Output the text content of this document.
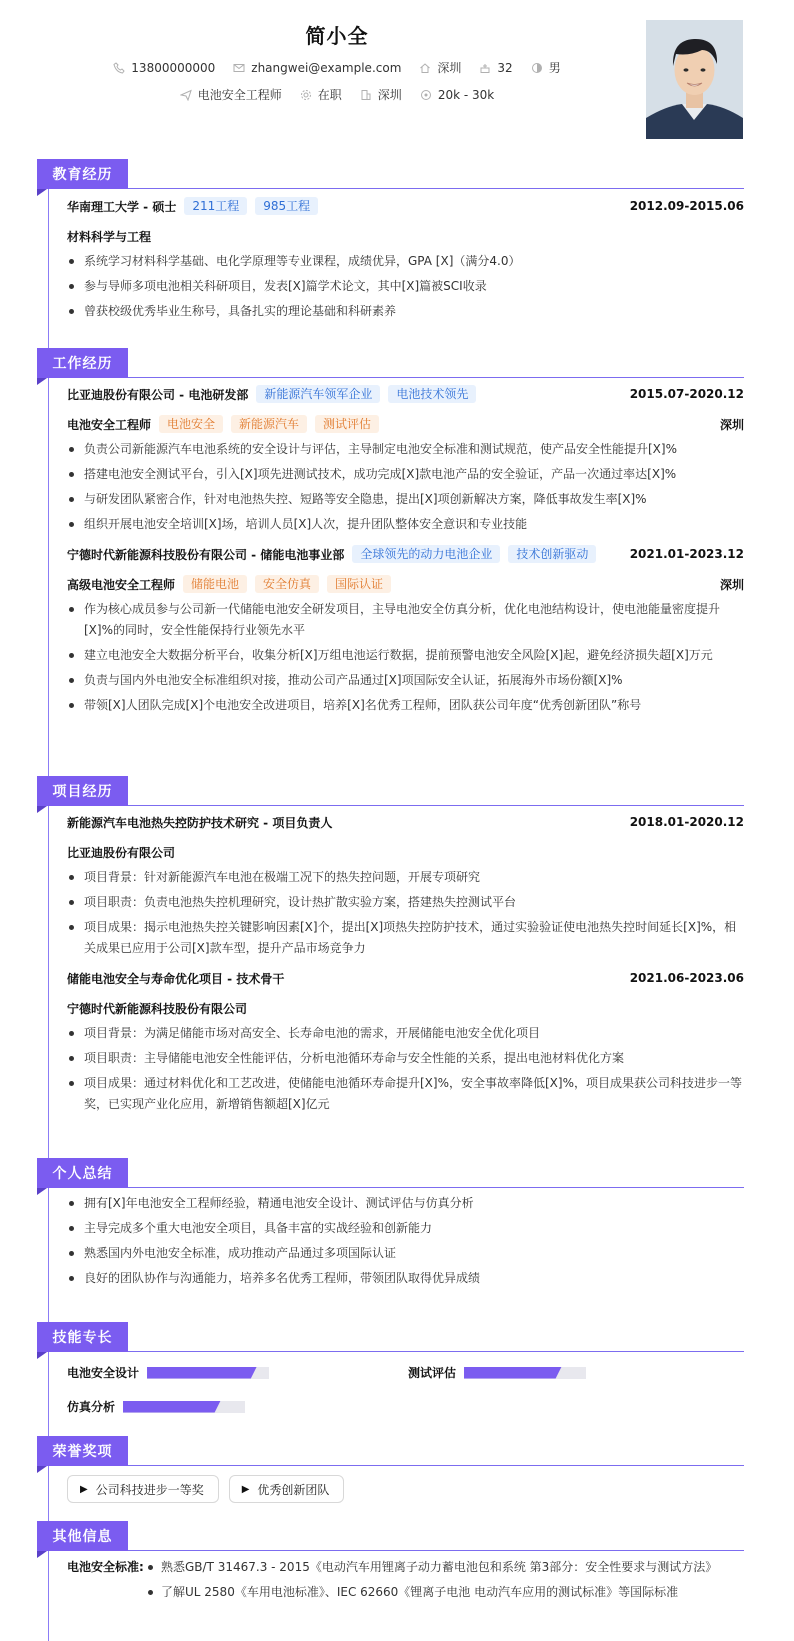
简小全
13800000000	zhangwei@example.com	深圳	32	男
电池安全工程师	在职	深圳	20k - 30k
教育经历
华南理工大学 - 硕士	211工程	985工程	2012.09-2015.06
材料科学与工程
系统学习材料科学基础、电化学原理等专业课程，成绩优异，GPA [X]（满分4.0）
参与导师多项电池相关科研项目，发表[X]篇学术论文，其中[X]篇被SCI收录
曾获校级优秀毕业生称号，具备扎实的理论基础和科研素养
工作经历
比亚迪股份有限公司 - 电池研发部	新能源汽车领军企业	电池技术领先	2015.07-2020.12
电池安全工程师	电池安全	新能源汽车	测试评估	深圳
负责公司新能源汽车电池系统的安全设计与评估，主导制定电池安全标准和测试规范，使产品安全性能提升[X]%
搭建电池安全测试平台，引入[X]项先进测试技术，成功完成[X]款电池产品的安全验证，产品一次通过率达[X]%
与研发团队紧密合作，针对电池热失控、短路等安全隐患，提出[X]项创新解决方案，降低事故发生率[X]%
组织开展电池安全培训[X]场，培训人员[X]人次，提升团队整体安全意识和专业技能
宁德时代新能源科技股份有限公司 - 储能电池事业部	全球领先的动力电池企业	技术创新驱动	2021.01-2023.12
高级电池安全工程师	储能电池	安全仿真	国际认证	深圳
作为核心成员参与公司新一代储能电池安全研发项目，主导电池安全仿真分析，优化电池结构设计，使电池能量密度提升[X]%的同时，安全性能保持行业领先水平
建立电池安全大数据分析平台，收集分析[X]万组电池运行数据，提前预警电池安全风险[X]起，避免经济损失超[X]万元
负责与国内外电池安全标准组织对接，推动公司产品通过[X]项国际安全认证，拓展海外市场份额[X]%
带领[X]人团队完成[X]个电池安全改进项目，培养[X]名优秀工程师，团队获公司年度“优秀创新团队”称号
项目经历
新能源汽车电池热失控防护技术研究 - 项目负责人	2018.01-2020.12
比亚迪股份有限公司
项目背景：针对新能源汽车电池在极端工况下的热失控问题，开展专项研究
项目职责：负责电池热失控机理研究，设计热扩散实验方案，搭建热失控测试平台
项目成果：揭示电池热失控关键影响因素[X]个，提出[X]项热失控防护技术，通过实验验证使电池热失控时间延长[X]%，相关成果已应用于公司[X]款车型，提升产品市场竞争力
储能电池安全与寿命优化项目 - 技术骨干	2021.06-2023.06
宁德时代新能源科技股份有限公司
项目背景：为满足储能市场对高安全、长寿命电池的需求，开展储能电池安全优化项目
项目职责：主导储能电池安全性能评估，分析电池循环寿命与安全性能的关系，提出电池材料优化方案
项目成果：通过材料优化和工艺改进，使储能电池循环寿命提升[X]%，安全事故率降低[X]%，项目成果获公司科技进步一等奖，已实现产业化应用，新增销售额超[X]亿元
个人总结
拥有[X]年电池安全工程师经验，精通电池安全设计、测试评估与仿真分析
主导完成多个重大电池安全项目，具备丰富的实战经验和创新能力
熟悉国内外电池安全标准，成功推动产品通过多项国际认证
良好的团队协作与沟通能力，培养多名优秀工程师，带领团队取得优异成绩
技能专长
电池安全设计	测试评估
仿真分析
荣誉奖项
▶ 公司科技进步一等奖	▶ 优秀创新团队
其他信息
电池安全标准:	熟悉GB/T 31467.3 - 2015《电动汽车用锂离子动力蓄电池包和系统 第3部分：安全性要求与测试方法》
了解UL 2580《车用电池标准》、IEC 62660《锂离子电池 电动汽车应用的测试标准》等国际标准
